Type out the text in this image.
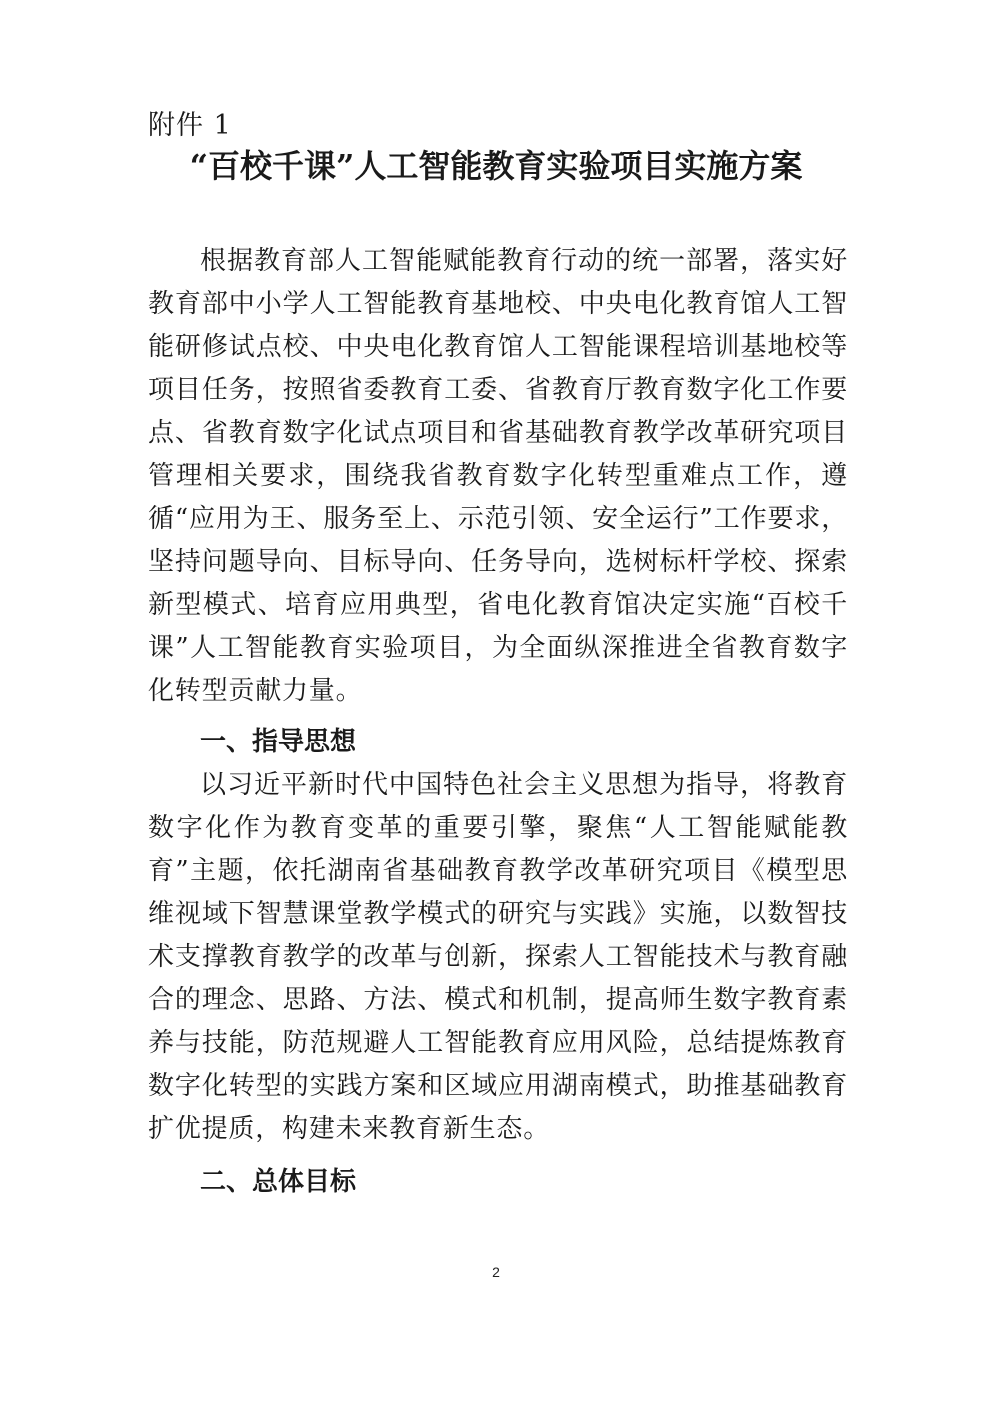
附件 1
“百校千课”人工智能教育实验项目实施方案

根据教育部人工智能赋能教育行动的统一部署，落实好教育部中小学人工智能教育基地校、中央电化教育馆人工智能研修试点校、中央电化教育馆人工智能课程培训基地校等项目任务，按照省委教育工委、省教育厅教育数字化工作要点、省教育数字化试点项目和省基础教育教学改革研究项目管理相关要求，围绕我省教育数字化转型重难点工作，遵循“应用为王、服务至上、示范引领、安全运行”工作要求，坚持问题导向、目标导向、任务导向，选树标杆学校、探索新型模式、培育应用典型，省电化教育馆决定实施“百校千课”人工智能教育实验项目，为全面纵深推进全省教育数字化转型贡献力量。

一、指导思想

以习近平新时代中国特色社会主义思想为指导，将教育数字化作为教育变革的重要引擎，聚焦“人工智能赋能教育”主题，依托湖南省基础教育教学改革研究项目《模型思维视域下智慧课堂教学模式的研究与实践》实施，以数智技术支撑教育教学的改革与创新，探索人工智能技术与教育融合的理念、思路、方法、模式和机制，提高师生数字教育素养与技能，防范规避人工智能教育应用风险，总结提炼教育数字化转型的实践方案和区域应用湖南模式，助推基础教育扩优提质，构建未来教育新生态。

二、总体目标

2
